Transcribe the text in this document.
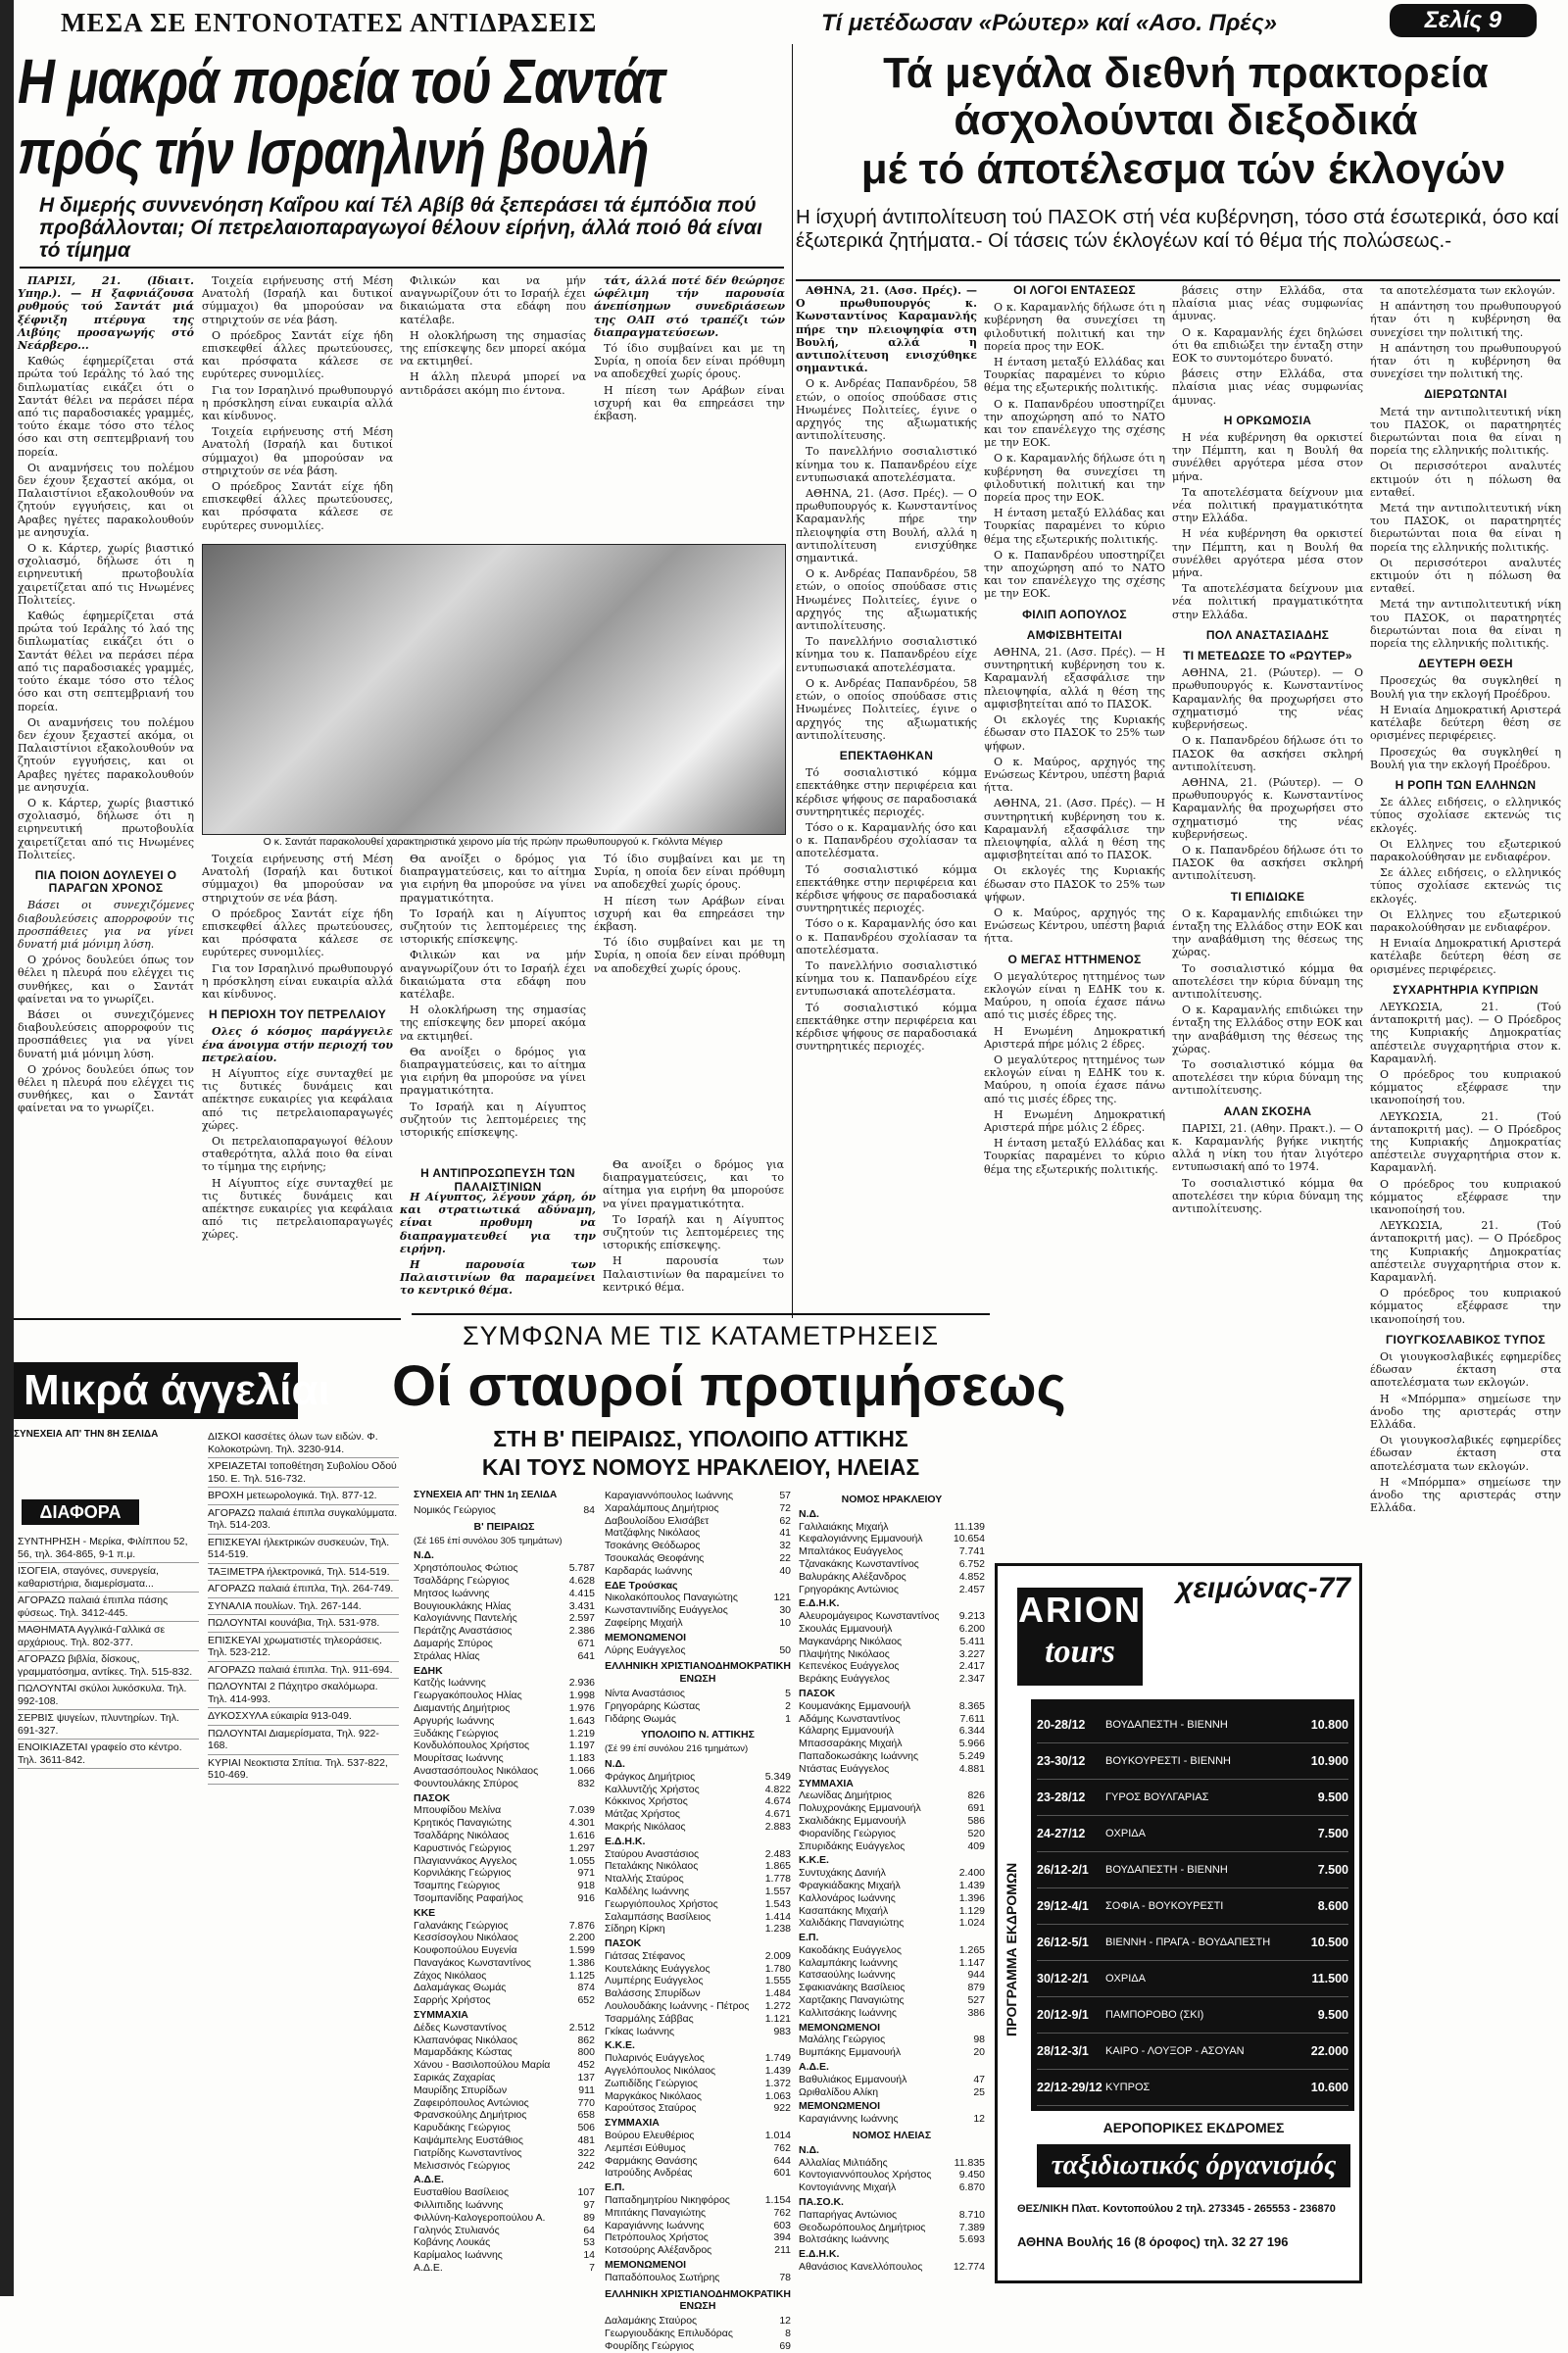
ΜΕΣΑ ΣΕ ΕΝΤΟΝΟΤΑΤΕΣ ΑΝΤΙΔΡΑΣΕΙΣ	Τί μετέδωσαν «Ρώυτερ» καί «Ασο. Πρές»	Σελίς 9
Η μακρά πορεία τού Σαντάτ
πρός τήν Ισραηλινή βουλή
Η διμερής συννενόηση Καΐρου καί Τέλ Αβίβ θά ξεπεράσει τά έμπόδια πού προβάλλονται; Οί πετρελαιοπαραγωγοί θέλουν είρήνη, άλλά ποιό θά είναι τό τίμημα

ΠΑΡΙΣΙ, 21. (Ιδιαιτ. Υπηρ.). — Η ξαφνιάζουσα ρυθμούς τού Σαντάτ μιά ξέφνιξη πτέρυγα της Λιβύης προσαγωγής στό Νεάρβερο...

Καθώς έφημερίζεται στά πρώτα τού Ιεράλης τό λαό της διπλωματίας εικάζει ότι ο Σαντάτ θέλει να περάσει πέρα από τις παραδοσιακές γραμμές, τούτο έκαμε τόσο στο τέλος όσο και στη σεπτεμβριανή του πορεία.

Οι αναμνήσεις του πολέμου δεν έχουν ξεχαστεί ακόμα, οι Παλαιστίνιοι εξακολουθούν να ζητούν εγγυήσεις, και οι Αραβες ηγέτες παρακολουθούν με ανησυχία.

Ο κ. Κάρτερ, χωρίς βιαστικό σχολιασμό, δήλωσε ότι η ειρηνευτική πρωτοβουλία χαιρετίζεται από τις Ηνωμένες Πολιτείες.

Καθώς έφημερίζεται στά πρώτα τού Ιεράλης τό λαό της διπλωματίας εικάζει ότι ο Σαντάτ θέλει να περάσει πέρα από τις παραδοσιακές γραμμές, τούτο έκαμε τόσο στο τέλος όσο και στη σεπτεμβριανή του πορεία.

Οι αναμνήσεις του πολέμου δεν έχουν ξεχαστεί ακόμα, οι Παλαιστίνιοι εξακολουθούν να ζητούν εγγυήσεις, και οι Αραβες ηγέτες παρακολουθούν με ανησυχία.

Ο κ. Κάρτερ, χωρίς βιαστικό σχολιασμό, δήλωσε ότι η ειρηνευτική πρωτοβουλία χαιρετίζεται από τις Ηνωμένες Πολιτείες.

ΠΙΑ ΠΟΙΟΝ ΔΟΥΛΕΥΕΙ Ο ΠΑΡΑΓΩΝ ΧΡΟΝΟΣ

Βάσει οι συνεχιζόμενες διαβουλεύσεις απορροφούν τις προσπάθειες για να γίνει δυνατή μιά μόνιμη λύση.

Ο χρόνος δουλεύει όπως τον θέλει η πλευρά που ελέγχει τις συνθήκες, και ο Σαντάτ φαίνεται να το γνωρίζει.

Βάσει οι συνεχιζόμενες διαβουλεύσεις απορροφούν τις προσπάθειες για να γίνει δυνατή μιά μόνιμη λύση.

Ο χρόνος δουλεύει όπως τον θέλει η πλευρά που ελέγχει τις συνθήκες, και ο Σαντάτ φαίνεται να το γνωρίζει.

Τοιχεία ειρήνευσης στή Μέση Ανατολή (Ισραήλ και δυτικοί σύμμαχοι) θα μπορούσαν να στηριχτούν σε νέα βάση.

Ο πρόεδρος Σαντάτ είχε ήδη επισκεφθεί άλλες πρωτεύουσες, και πρόσφατα κάλεσε σε ευρύτερες συνομιλίες.

Για τον Ισραηλινό πρωθυπουργό η πρόσκληση είναι ευκαιρία αλλά και κίνδυνος.

Τοιχεία ειρήνευσης στή Μέση Ανατολή (Ισραήλ και δυτικοί σύμμαχοι) θα μπορούσαν να στηριχτούν σε νέα βάση.

Ο πρόεδρος Σαντάτ είχε ήδη επισκεφθεί άλλες πρωτεύουσες, και πρόσφατα κάλεσε σε ευρύτερες συνομιλίες.

Φιλικών και να μήν αναγνωρίζουν ότι το Ισραήλ έχει δικαιώματα στα εδάφη που κατέλαβε.

Η ολοκλήρωση της σημασίας της επίσκεψης δεν μπορεί ακόμα να εκτιμηθεί.

Η άλλη πλευρά μπορεί να αντιδράσει ακόμη πιο έντονα.

τάτ, άλλά ποτέ δέν θεώρησε ώφέλιμη τήν παρουσία άνεπίσημων συνεδριάσεων της ΟΑΠ στό τραπέζι τών διαπραγματεύσεων.

Τό ίδιο συμβαίνει και με τη Συρία, η οποία δεν είναι πρόθυμη να αποδεχθεί χωρίς όρους.

Η πίεση των Αράβων είναι ισχυρή και θα επηρεάσει την έκβαση.

Ο κ. Σαντάτ παρακολουθεί χαρακτηριστικά χειρονο μία τής πρώην πρωθυπουργού κ. Γκόλντα Μέγιερ

Τοιχεία ειρήνευσης στή Μέση Ανατολή (Ισραήλ και δυτικοί σύμμαχοι) θα μπορούσαν να στηριχτούν σε νέα βάση.

Ο πρόεδρος Σαντάτ είχε ήδη επισκεφθεί άλλες πρωτεύουσες, και πρόσφατα κάλεσε σε ευρύτερες συνομιλίες.

Για τον Ισραηλινό πρωθυπουργό η πρόσκληση είναι ευκαιρία αλλά και κίνδυνος.

Η ΠΕΡΙΟΧΗ ΤΟΥ ΠΕΤΡΕΛΑΙΟΥ

Ολες ό κόσμος παράγγειλε ένα άνοιγμα στήν περιοχή του πετρελαίου.

Η Αίγυπτος είχε συνταχθεί με τις δυτικές δυνάμεις και απέκτησε ευκαιρίες για κεφάλαια από τις πετρελαιοπαραγωγές χώρες.

Οι πετρελαιοπαραγωγοί θέλουν σταθερότητα, αλλά ποιο θα είναι το τίμημα της ειρήνης;

Η Αίγυπτος είχε συνταχθεί με τις δυτικές δυνάμεις και απέκτησε ευκαιρίες για κεφάλαια από τις πετρελαιοπαραγωγές χώρες.

Θα ανοίξει ο δρόμος για διαπραγματεύσεις, και το αίτημα για ειρήνη θα μπορούσε να γίνει πραγματικότητα.

Το Ισραήλ και η Αίγυπτος συζητούν τις λεπτομέρειες της ιστορικής επίσκεψης.

Φιλικών και να μήν αναγνωρίζουν ότι το Ισραήλ έχει δικαιώματα στα εδάφη που κατέλαβε.

Η ολοκλήρωση της σημασίας της επίσκεψης δεν μπορεί ακόμα να εκτιμηθεί.

Θα ανοίξει ο δρόμος για διαπραγματεύσεις, και το αίτημα για ειρήνη θα μπορούσε να γίνει πραγματικότητα.

Το Ισραήλ και η Αίγυπτος συζητούν τις λεπτομέρειες της ιστορικής επίσκεψης.

Τό ίδιο συμβαίνει και με τη Συρία, η οποία δεν είναι πρόθυμη να αποδεχθεί χωρίς όρους.

Η πίεση των Αράβων είναι ισχυρή και θα επηρεάσει την έκβαση.

Τό ίδιο συμβαίνει και με τη Συρία, η οποία δεν είναι πρόθυμη να αποδεχθεί χωρίς όρους.

Η ΑΝΤΙΠΡΟΣΩΠΕΥΣΗ ΤΩΝ ΠΑΛΑΙΣΤΙΝΙΩΝ

Η Αίγυπτος, λέγουν χάρη, όν και στρατιωτικά αδύναμη, είναι προθυμη να διαπραγματευθεί για την ειρήνη.

Η παρουσία των Παλαιστινίων θα παραμείνει το κεντρικό θέμα.

Θα ανοίξει ο δρόμος για διαπραγματεύσεις, και το αίτημα για ειρήνη θα μπορούσε να γίνει πραγματικότητα.

Το Ισραήλ και η Αίγυπτος συζητούν τις λεπτομέρειες της ιστορικής επίσκεψης.

Η παρουσία των Παλαιστινίων θα παραμείνει το κεντρικό θέμα.

Τά μεγάλα διεθνή πρακτορεία
άσχολούνται διεξοδικά
μέ τό άποτέλεσμα τών έκλογών
Η ίσχυρή άντιπολίτευση τού ΠΑΣΟΚ στή νέα κυβέρνηση, τόσο στά έσωτερικά, όσο καί έξωτερικά ζητήματα.- Οί τάσεις τών έκλογέων καί τό θέμα τής πολώσεως.-

ΑΘΗΝΑ, 21. (Ασσ. Πρές). — Ο πρωθυπουργός κ. Κωνσταντίνος Καραμανλής πήρε την πλειοψηφία στη Βουλή, αλλά η αντιπολίτευση ενισχύθηκε σημαντικά.

Ο κ. Ανδρέας Παπανδρέου, 58 ετών, ο οποίος σπούδασε στις Ηνωμένες Πολιτείες, έγινε ο αρχηγός της αξιωματικής αντιπολίτευσης.

Το πανελλήνιο σοσιαλιστικό κίνημα του κ. Παπανδρέου είχε εντυπωσιακά αποτελέσματα.

ΑΘΗΝΑ, 21. (Ασσ. Πρές). — Ο πρωθυπουργός κ. Κωνσταντίνος Καραμανλής πήρε την πλειοψηφία στη Βουλή, αλλά η αντιπολίτευση ενισχύθηκε σημαντικά.

Ο κ. Ανδρέας Παπανδρέου, 58 ετών, ο οποίος σπούδασε στις Ηνωμένες Πολιτείες, έγινε ο αρχηγός της αξιωματικής αντιπολίτευσης.

Το πανελλήνιο σοσιαλιστικό κίνημα του κ. Παπανδρέου είχε εντυπωσιακά αποτελέσματα.

Ο κ. Ανδρέας Παπανδρέου, 58 ετών, ο οποίος σπούδασε στις Ηνωμένες Πολιτείες, έγινε ο αρχηγός της αξιωματικής αντιπολίτευσης.

ΕΠΕΚΤΑΘΗΚΑΝ

Τό σοσιαλιστικό κόμμα επεκτάθηκε στην περιφέρεια και κέρδισε ψήφους σε παραδοσιακά συντηρητικές περιοχές.

Τόσο ο κ. Καραμανλής όσο και ο κ. Παπανδρέου σχολίασαν τα αποτελέσματα.

Τό σοσιαλιστικό κόμμα επεκτάθηκε στην περιφέρεια και κέρδισε ψήφους σε παραδοσιακά συντηρητικές περιοχές.

Τόσο ο κ. Καραμανλής όσο και ο κ. Παπανδρέου σχολίασαν τα αποτελέσματα.

Το πανελλήνιο σοσιαλιστικό κίνημα του κ. Παπανδρέου είχε εντυπωσιακά αποτελέσματα.

Τό σοσιαλιστικό κόμμα επεκτάθηκε στην περιφέρεια και κέρδισε ψήφους σε παραδοσιακά συντηρητικές περιοχές.

ΟΙ ΛΟΓΟΙ ΕΝΤΑΣΕΩΣ

Ο κ. Καραμανλής δήλωσε ότι η κυβέρνηση θα συνεχίσει τη φιλοδυτική πολιτική και την πορεία προς την ΕΟΚ.

Η ένταση μεταξύ Ελλάδας και Τουρκίας παραμένει το κύριο θέμα της εξωτερικής πολιτικής.

Ο κ. Παπανδρέου υποστηρίζει την αποχώρηση από το ΝΑΤΟ και τον επανέλεγχο της σχέσης με την ΕΟΚ.

Ο κ. Καραμανλής δήλωσε ότι η κυβέρνηση θα συνεχίσει τη φιλοδυτική πολιτική και την πορεία προς την ΕΟΚ.

Η ένταση μεταξύ Ελλάδας και Τουρκίας παραμένει το κύριο θέμα της εξωτερικής πολιτικής.

Ο κ. Παπανδρέου υποστηρίζει την αποχώρηση από το ΝΑΤΟ και τον επανέλεγχο της σχέσης με την ΕΟΚ.

ΦΙΛΙΠ ΑΟΠΟΥΛΟΣ
ΑΜΦΙΣΒΗΤΕΙΤΑΙ

ΑΘΗΝΑ, 21. (Ασσ. Πρές). — Η συντηρητική κυβέρνηση του κ. Καραμανλή εξασφάλισε την πλειοψηφία, αλλά η θέση της αμφισβητείται από το ΠΑΣΟΚ.

Οι εκλογές της Κυριακής έδωσαν στο ΠΑΣΟΚ το 25% των ψήφων.

Ο κ. Μαύρος, αρχηγός της Ενώσεως Κέντρου, υπέστη βαριά ήττα.

ΑΘΗΝΑ, 21. (Ασσ. Πρές). — Η συντηρητική κυβέρνηση του κ. Καραμανλή εξασφάλισε την πλειοψηφία, αλλά η θέση της αμφισβητείται από το ΠΑΣΟΚ.

Οι εκλογές της Κυριακής έδωσαν στο ΠΑΣΟΚ το 25% των ψήφων.

Ο κ. Μαύρος, αρχηγός της Ενώσεως Κέντρου, υπέστη βαριά ήττα.

Ο ΜΕΓΑΣ ΗΤΤΗΜΕΝΟΣ

Ο μεγαλύτερος ηττημένος των εκλογών είναι η ΕΔΗΚ του κ. Μαύρου, η οποία έχασε πάνω από τις μισές έδρες της.

Η Ενωμένη Δημοκρατική Αριστερά πήρε μόλις 2 έδρες.

Ο μεγαλύτερος ηττημένος των εκλογών είναι η ΕΔΗΚ του κ. Μαύρου, η οποία έχασε πάνω από τις μισές έδρες της.

Η Ενωμένη Δημοκρατική Αριστερά πήρε μόλις 2 έδρες.

Η ένταση μεταξύ Ελλάδας και Τουρκίας παραμένει το κύριο θέμα της εξωτερικής πολιτικής.

βάσεις στην Ελλάδα, στα πλαίσια μιας νέας συμφωνίας άμυνας.

Ο κ. Καραμανλής έχει δηλώσει ότι θα επιδιώξει την ένταξη στην ΕΟΚ το συντομότερο δυνατό.

βάσεις στην Ελλάδα, στα πλαίσια μιας νέας συμφωνίας άμυνας.

Η ΟΡΚΩΜΟΣΙΑ

Η νέα κυβέρνηση θα ορκιστεί την Πέμπτη, και η Βουλή θα συνέλθει αργότερα μέσα στον μήνα.

Τα αποτελέσματα δείχνουν μια νέα πολιτική πραγματικότητα στην Ελλάδα.

Η νέα κυβέρνηση θα ορκιστεί την Πέμπτη, και η Βουλή θα συνέλθει αργότερα μέσα στον μήνα.

Τα αποτελέσματα δείχνουν μια νέα πολιτική πραγματικότητα στην Ελλάδα.

ΠΟΛ ΑΝΑΣΤΑΣΙΑΔΗΣ
ΤΙ ΜΕΤΕΔΩΣΕ ΤΟ «ΡΩΥΤΕΡ»

ΑΘΗΝΑ, 21. (Ρώυτερ). — Ο πρωθυπουργός κ. Κωνσταντίνος Καραμανλής θα προχωρήσει στο σχηματισμό της νέας κυβερνήσεως.

Ο κ. Παπανδρέου δήλωσε ότι το ΠΑΣΟΚ θα ασκήσει σκληρή αντιπολίτευση.

ΑΘΗΝΑ, 21. (Ρώυτερ). — Ο πρωθυπουργός κ. Κωνσταντίνος Καραμανλής θα προχωρήσει στο σχηματισμό της νέας κυβερνήσεως.

Ο κ. Παπανδρέου δήλωσε ότι το ΠΑΣΟΚ θα ασκήσει σκληρή αντιπολίτευση.

ΤΙ ΕΠΙΔΙΩΚΕ

Ο κ. Καραμανλής επιδιώκει την ένταξη της Ελλάδος στην ΕΟΚ και την αναβάθμιση της θέσεως της χώρας.

Το σοσιαλιστικό κόμμα θα αποτελέσει την κύρια δύναμη της αντιπολίτευσης.

Ο κ. Καραμανλής επιδιώκει την ένταξη της Ελλάδος στην ΕΟΚ και την αναβάθμιση της θέσεως της χώρας.

Το σοσιαλιστικό κόμμα θα αποτελέσει την κύρια δύναμη της αντιπολίτευσης.

ΑΛΑΝ ΣΚΟΣΗΑ

ΠΑΡΙΣΙ, 21. (Αθην. Πρακτ.). — Ο κ. Καραμανλής βγήκε νικητής αλλά η νίκη του ήταν λιγότερο εντυπωσιακή από το 1974.

Το σοσιαλιστικό κόμμα θα αποτελέσει την κύρια δύναμη της αντιπολίτευσης.

τα αποτελέσματα των εκλογών.

Η απάντηση του πρωθυπουργού ήταν ότι η κυβέρνηση θα συνεχίσει την πολιτική της.

Η απάντηση του πρωθυπουργού ήταν ότι η κυβέρνηση θα συνεχίσει την πολιτική της.

ΔΙΕΡΩΤΩΝΤΑΙ

Μετά την αντιπολιτευτική νίκη του ΠΑΣΟΚ, οι παρατηρητές διερωτώνται ποια θα είναι η πορεία της ελληνικής πολιτικής.

Οι περισσότεροι αναλυτές εκτιμούν ότι η πόλωση θα ενταθεί.

Μετά την αντιπολιτευτική νίκη του ΠΑΣΟΚ, οι παρατηρητές διερωτώνται ποια θα είναι η πορεία της ελληνικής πολιτικής.

Οι περισσότεροι αναλυτές εκτιμούν ότι η πόλωση θα ενταθεί.

Μετά την αντιπολιτευτική νίκη του ΠΑΣΟΚ, οι παρατηρητές διερωτώνται ποια θα είναι η πορεία της ελληνικής πολιτικής.

ΔΕΥΤΕΡΗ ΘΕΣΗ

Προσεχώς θα συγκληθεί η Βουλή για την εκλογή Προέδρου.

Η Ενιαία Δημοκρατική Αριστερά κατέλαβε δεύτερη θέση σε ορισμένες περιφέρειες.

Προσεχώς θα συγκληθεί η Βουλή για την εκλογή Προέδρου.

Η ΡΟΠΗ ΤΩΝ ΕΛΛΗΝΩΝ

Σε άλλες ειδήσεις, ο ελληνικός τύπος σχολίασε εκτενώς τις εκλογές.

Οι Ελληνες του εξωτερικού παρακολούθησαν με ενδιαφέρον.

Σε άλλες ειδήσεις, ο ελληνικός τύπος σχολίασε εκτενώς τις εκλογές.

Οι Ελληνες του εξωτερικού παρακολούθησαν με ενδιαφέρον.

Η Ενιαία Δημοκρατική Αριστερά κατέλαβε δεύτερη θέση σε ορισμένες περιφέρειες.

ΣΥΧΑΡΗΤΗΡΙΑ ΚΥΠΡΙΩΝ

ΛΕΥΚΩΣΙΑ, 21. (Τού άνταποκριτή μας). — Ο Πρόεδρος της Κυπριακής Δημοκρατίας απέστειλε συγχαρητήρια στον κ. Καραμανλή.

Ο πρόεδρος του κυπριακού κόμματος εξέφρασε την ικανοποίησή του.

ΛΕΥΚΩΣΙΑ, 21. (Τού άνταποκριτή μας). — Ο Πρόεδρος της Κυπριακής Δημοκρατίας απέστειλε συγχαρητήρια στον κ. Καραμανλή.

Ο πρόεδρος του κυπριακού κόμματος εξέφρασε την ικανοποίησή του.

ΛΕΥΚΩΣΙΑ, 21. (Τού άνταποκριτή μας). — Ο Πρόεδρος της Κυπριακής Δημοκρατίας απέστειλε συγχαρητήρια στον κ. Καραμανλή.

Ο πρόεδρος του κυπριακού κόμματος εξέφρασε την ικανοποίησή του.

ΓΙΟΥΓΚΟΣΛΑΒΙΚΟΣ ΤΥΠΟΣ

Οι γιουγκοσλαβικές εφημερίδες έδωσαν έκταση στα αποτελέσματα των εκλογών.

Η «Μπόρμπα» σημείωσε την άνοδο της αριστεράς στην Ελλάδα.

Οι γιουγκοσλαβικές εφημερίδες έδωσαν έκταση στα αποτελέσματα των εκλογών.

Η «Μπόρμπα» σημείωσε την άνοδο της αριστεράς στην Ελλάδα.

ΣΥΜΦΩΝΑ ΜΕ ΤΙΣ ΚΑΤΑΜΕΤΡΗΣΕΙΣ
Οί σταυροί προτιμήσεως
ΣΤΗ Β' ΠΕΙΡΑΙΩΣ, ΥΠΟΛΟΙΠΟ ΑΤΤΙΚΗΣ
ΚΑΙ ΤΟΥΣ ΝΟΜΟΥΣ ΗΡΑΚΛΕΙΟΥ, ΗΛΕΙΑΣ
ΣΥΝΕΧΕΙΑ ΑΠ' ΤΗΝ 1η ΣΕΛΙΔΑ
Νομικός Γεώργιος	84
Β' ΠΕΙΡΑΙΩΣ
(Σέ 165 έπί συνόλου 305 τμημάτων)
Ν.Δ.
Χρηστόπουλος Φώτιος	5.787
Τσαλδάρης Γεώργιος	4.628
Μητσος Ιωάννης	4.415
Βουγιουκλάκης Ηλίας	3.431
Καλογιάννης Παντελής	2.597
Περάτζης Αναστάσιος	2.386
Δαμαρής Σπύρος	671
Στράλας Ηλίας	641
ΕΔΗΚ
Κατζής Ιωάννης	2.936
Γεωργακόπουλος Ηλίας	1.998
Διαμαντής Δημήτριος	1.976
Αργυρής Ιωάννης	1.643
Ξυδάκης Γεώργιος	1.219
Κονδυλόπουλος Χρήστος	1.197
Μουρίτσας Ιωάννης	1.183
Αναστασόπουλος Νικόλαος	1.066
Φουντουλάκης Σπύρος	832
ΠΑΣΟΚ
Μπουφίδου Μελίνα	7.039
Κρητικός Παναγιώτης	4.301
Τσαλδάρης Νικόλαος	1.616
Καρυστινός Γεώργιος	1.297
Πλαγιαννάκος Αγγελος	1.055
Κορνιλάκης Γεώργιος	971
Τσαμπης Γεώργιος	918
Τσομπανίδης Ραφαήλος	916
ΚΚΕ
Γαλανάκης Γεώργιος	7.876
Κεσσίσογλου Νικόλαος	2.200
Κουφοπούλου Ευγενία	1.599
Παναγάκος Κωνσταντίνος	1.386
Ζάχος Νικόλαος	1.125
Δαλαμάγκας Θωμάς	874
Σαρρής Χρήστος	652
ΣΥΜΜΑΧΙΑ
Δέδες Κωνσταντίνος	2.512
Κλαπανόφας Νικόλαος	862
Μαμαρδάκης Κώστας	800
Χάνου - Βασιλοπούλου Μαρία	452
Σαρικάς Ζαχαρίας	137
Μαυρίδης Σπυρίδων	911
Ζαφειρόπουλος Αντώνιος	770
Φρανσκούλης Δημήτριος	658
Καρυδάκης Γεώργιος	506
Καψάμπελης Ευστάθιος	481
Γιατρίδης Κωνσταντίνος	322
Μελισσινός Γεώργιος	242
Α.Δ.Ε.
Ευσταθίου Βασίλειος	107
Φιλλιπιδης Ιωάννης	97
Φιλλύνη-Καλογεροπούλου Α.	89
Γαληνός Στυλιανός	64
Κοβάνης Λουκάς	53
Καρίμαλος Ιωάννης	14
Α.Δ.Ε.	7
Καραγιαννόπουλος Ιωάννης	57
Χαραλάμπους Δημήτριος	72
Δαβουλοίδου Ελισάβετ	62
Ματζάφλης Νικόλαος	41
Τσοκάνης Θεόδωρος	32
Τσουκαλάς Θεοφάνης	22
Καρδαράς Ιωάννης	40
ΕΔΕ Τρούσκας
Νικολακόπουλος Παναγιώτης	121
Κωνσταντινίδης Ευάγγελος	30
Ζαφείρης Μιχαήλ	10
ΜΕΜΟΝΩΜΕΝΟΙ
Λύρης Ευάγγελος	50
ΕΛΛΗΝΙΚΗ ΧΡΙΣΤΙΑΝΟΔΗΜΟΚΡΑΤΙΚΗ ΕΝΩΣΗ
Νίντα Αναστάσιος	5
Γρηγοράρης Κώστας	2
Γιδάρης Θωμάς	1
ΥΠΟΛΟΙΠΟ Ν. ΑΤΤΙΚΗΣ
(Σέ 99 έπί συνόλου 216 τμημάτων)
Ν.Δ.
Φράγκος Δημήτριος	5.349
Καλλυντζής Χρήστος	4.822
Κόκκινος Χρήστος	4.674
Μάτζας Χρήστος	4.671
Μακρής Νικόλαος	2.883
Ε.Δ.Η.Κ.
Σταύρου Αναστάσιος	2.483
Πεταλάκης Νικόλαος	1.865
Νταλλής Σταύρος	1.778
Καλδέλης Ιωάννης	1.557
Γεωργιόπουλος Χρήστος	1.543
Σαλαμπάσης Βασίλειος	1.414
Σίδηρη Κίρκη	1.238
ΠΑΣΟΚ
Γιάτσας Στέφανος	2.009
Κουτελάκης Ευάγγελος	1.780
Λυμπέρης Ευάγγελος	1.555
Βαλάσσης Σπυρίδων	1.484
Λουλουδάκης Ιωάννης - Πέτρος 1.272
Τσαρμάλης Σάββας	1.121
Γκίκας Ιωάννης	983
Κ.Κ.Ε.
Πυλαρινός Ευάγγελος	1.749
Αγγελόπουλος Νικόλαος	1.439
Ζωπιδίδης Γεώργιος	1.372
Μαργκάκος Νικόλαος	1.063
Καρούτσος Σταύρος	922
ΣΥΜΜΑΧΙΑ
Βούρου Ελευθέριος	1.014
Λεμπέσι Εύθυμος	762
Φαρμάκης Θανάσης	644
Ιατρούδης Ανδρέας	601
Ε.Π.
Παπαδημητρίου Νικηφόρος	1.154
Μπιτάκης Παναγιώτης	762
Καραγιάννης Ιωάννης	603
Πετρόπουλος Χρήστος	394
Κοτσούρης Αλέξανδρος	211
ΜΕΜΟΝΩΜΕΝΟΙ
Παπαδόπουλος Σωτήρης	78
ΕΛΛΗΝΙΚΗ ΧΡΙΣΤΙΑΝΟΔΗΜΟΚΡΑΤΙΚΗ ΕΝΩΣΗ
Δαλαμάκης Σταύρος	12
Γεωργιουδάκης Επιλυδόρας	8
Φουρίδης Γεώργιος	69
ΝΟΜΟΣ ΗΡΑΚΛΕΙΟΥ
Ν.Δ.
Γαλιλαιάκης Μιχαήλ	11.139
Κεφαλογιάννης Εμμανουήλ	10.654
Μπαλτάκος Ευάγγελος	7.741
Τζανακάκης Κωνσταντίνος	6.752
Βαλυράκης Αλέξανδρος	4.852
Γρηγοράκης Αντώνιος	2.457
Ε.Δ.Η.Κ.
Αλευρομάγειρος Κωνσταντίνος 9.213
Σκουλάς Εμμανουήλ	6.200
Μαγκανάρης Νικόλαος	5.411
Πλαψήτης Νικόλαος	3.227
Κεπενέκος Ευάγγελος	2.417
Βεράκης Ευάγγελος	2.347
ΠΑΣΟΚ
Κουμανάκης Εμμανουήλ	8.365
Αδάμης Κωνσταντίνος	7.611
Κάλαρης Εμμανουήλ	6.344
Μπασσαράκης Μιχαήλ	5.966
Παπαδοκωσάκης Ιωάννης	5.249
Ντάστας Ευάγγελος	4.881
ΣΥΜΜΑΧΙΑ
Λεωνίδας Δημήτριος	826
Πολυχρονάκης Εμμανουήλ	691
Σκαλιδάκης Εμμανουήλ	586
Φιορανίδης Γεώργιος	520
Σπυριδάκης Ευάγγελος	409
Κ.Κ.Ε.
Συντυχάκης Δανιήλ	2.400
Φραγκιάδακης Μιχαήλ	1.439
Καλλονάρος Ιωάννης	1.396
Κασαπάκης Μιχαήλ	1.129
Χαλιδάκης Παναγιώτης	1.024
Ε.Π.
Κακοδάκης Ευάγγελος	1.265
Καλαμπάκης Ιωάννης	1.147
Κατσαούλης Ιωάννης	944
Σφακιανάκης Βασίλειος	879
Χαρτζακης Παναγιώτης	527
Καλλιτσάκης Ιωάννης	386
ΜΕΜΟΝΩΜΕΝΟΙ
Μαλάλης Γεώργιος	98
Βυμπάκης Εμμανουήλ	20
Α.Δ.Ε.
Βαθυλιάκος Εμμανουήλ	47
Ωριθαλίδου Αλίκη	25
ΜΕΜΟΝΩΜΕΝΟΙ
Καραγιάννης Ιωάννης	12
ΝΟΜΟΣ ΗΛΕΙΑΣ
Ν.Δ.
Αλλαλίας Μιλτιάδης	11.835
Κοντογιαννόπουλος Χρήστος	9.450
Κοντογιάννης Μιχαήλ	6.870
ΠΑ.ΣΟ.Κ.
Παπαρήγας Αντώνιος	8.710
Θεοδωρόπουλος Δημήτριος	7.389
Βολτσάκης Ιωάννης	5.693
Ε.Δ.Η.Κ.
Αθανάσιος Κανελλόπουλος	12.774
Μικρά άγγελίαι
ΣΥΝΕΧΕΙΑ ΑΠ' ΤΗΝ 8Η ΣΕΛΙΔΑ
ΔΙΑΦΟΡΑ
ΣΥΝΤΗΡΗΣΗ - Μερίκα, Φιλίππου 52, 56, τηλ. 364-865, 9-1 π.μ.
ΙΣΟΓΕΙΑ, σταγόνες, συνεργεία, καθαριστήρια, διαμερίσματα...
ΑΓΟΡΑΖΩ παλαιά έπιπλα πάσης φύσεως. Τηλ. 3412-445.
ΜΑΘΗΜΑΤΑ Αγγλικά-Γαλλικά σε αρχάριους. Τηλ. 802-377.
ΑΓΟΡΑΖΩ βιβλία, δίσκους, γραμματόσημα, αντίκες. Τηλ. 515-832.
ΠΩΛΟΥΝΤΑΙ σκύλοι λυκόσκυλα. Τηλ. 992-108.
ΣΕΡΒΙΣ ψυγείων, πλυντηρίων. Τηλ. 691-327.
ΕΝΟΙΚΙΑΖΕΤΑΙ γραφείο στο κέντρο. Τηλ. 3611-842.
ΔΙΣΚΟΙ κασσέτες όλων των ειδών. Φ. Κολοκοτρώνη. Τηλ. 3230-914.
ΧΡΕΙΑΖΕΤΑΙ τοποθέτηση Συβολίου Οδού 150. Ε. Τηλ. 516-732.
ΒΡΟΧΗ μετεωρολογικά. Τηλ. 877-12.
ΑΓΟΡΑΖΩ παλαιά έπιπλα συγκαλύμματα. Τηλ. 514-203.
ΕΠΙΣΚΕΥΑΙ ήλεκτρικών συσκευών, Τηλ. 514-519.
ΤΑΞΙΜΕΤΡΑ ήλεκτρονικά, Τηλ. 514-519.
ΑΓΟΡΑΖΩ παλαιά έπιπλα, Τηλ. 264-749.
ΣΥΝΑΛΙΑ πουλίων. Τηλ. 267-144.
ΠΩΛΟΥΝΤΑΙ κουνάβια, Τηλ. 531-978.
ΕΠΙΣΚΕΥΑΙ χρωματιστές τηλεοράσεις. Τηλ. 523-212.
ΑΓΟΡΑΖΩ παλαιά έπιπλα. Τηλ. 911-694.
ΠΩΛΟΥΝΤΑΙ 2 Πάχητρο σκαλόμωρα. Τηλ. 414-993.
ΔΥΚΟΣΧΥΛΑ εύκαιρία 913-049.
ΠΩΛΟΥΝΤΑΙ Διαμερίσματα, Τηλ. 922-168.
ΚΥΡΙΑΙ Νεοκτιστα Σπίτια. Τηλ. 537-822, 510-469.
ARION
tours
χειμώνας-77
ΠΡΟΓΡΑΜΜΑ ΕΚΔΡΟΜΩΝ
20-28/12	ΒΟΥΔΑΠΕΣΤΗ - ΒΙΕΝΝΗ	10.800
23-30/12	ΒΟΥΚΟΥΡΕΣΤΙ - ΒΙΕΝΝΗ	10.900
23-28/12	ΓΥΡΟΣ ΒΟΥΛΓΑΡΙΑΣ	9.500
24-27/12	ΟΧΡΙΔΑ	7.500
26/12-2/1	ΒΟΥΔΑΠΕΣΤΗ - ΒΙΕΝΝΗ	7.500
29/12-4/1	ΣΟΦΙΑ - ΒΟΥΚΟΥΡΕΣΤΙ	8.600
26/12-5/1	ΒΙΕΝΝΗ - ΠΡΑΓΑ - ΒΟΥΔΑΠΕΣΤΗ	10.500
30/12-2/1	ΟΧΡΙΔΑ	11.500
20/12-9/1	ΠΑΜΠΟΡΟΒΟ (ΣΚΙ)	9.500
28/12-3/1	ΚΑΙΡΟ - ΛΟΥΞΟΡ - ΑΣΟΥΑΝ	22.000
22/12-29/12 ΚΥΠΡΟΣ	10.600
ΑΕΡΟΠΟΡΙΚΕΣ ΕΚΔΡΟΜΕΣ
ταξιδιωτικός όργανισμός
ΘΕΣ/ΝΙΚΗ Πλατ. Κοντοπούλου 2 τηλ. 273345 - 265553 - 236870
ΑΘΗΝΑ Βουλής 16 (8 όροφος) τηλ. 32 27 196
